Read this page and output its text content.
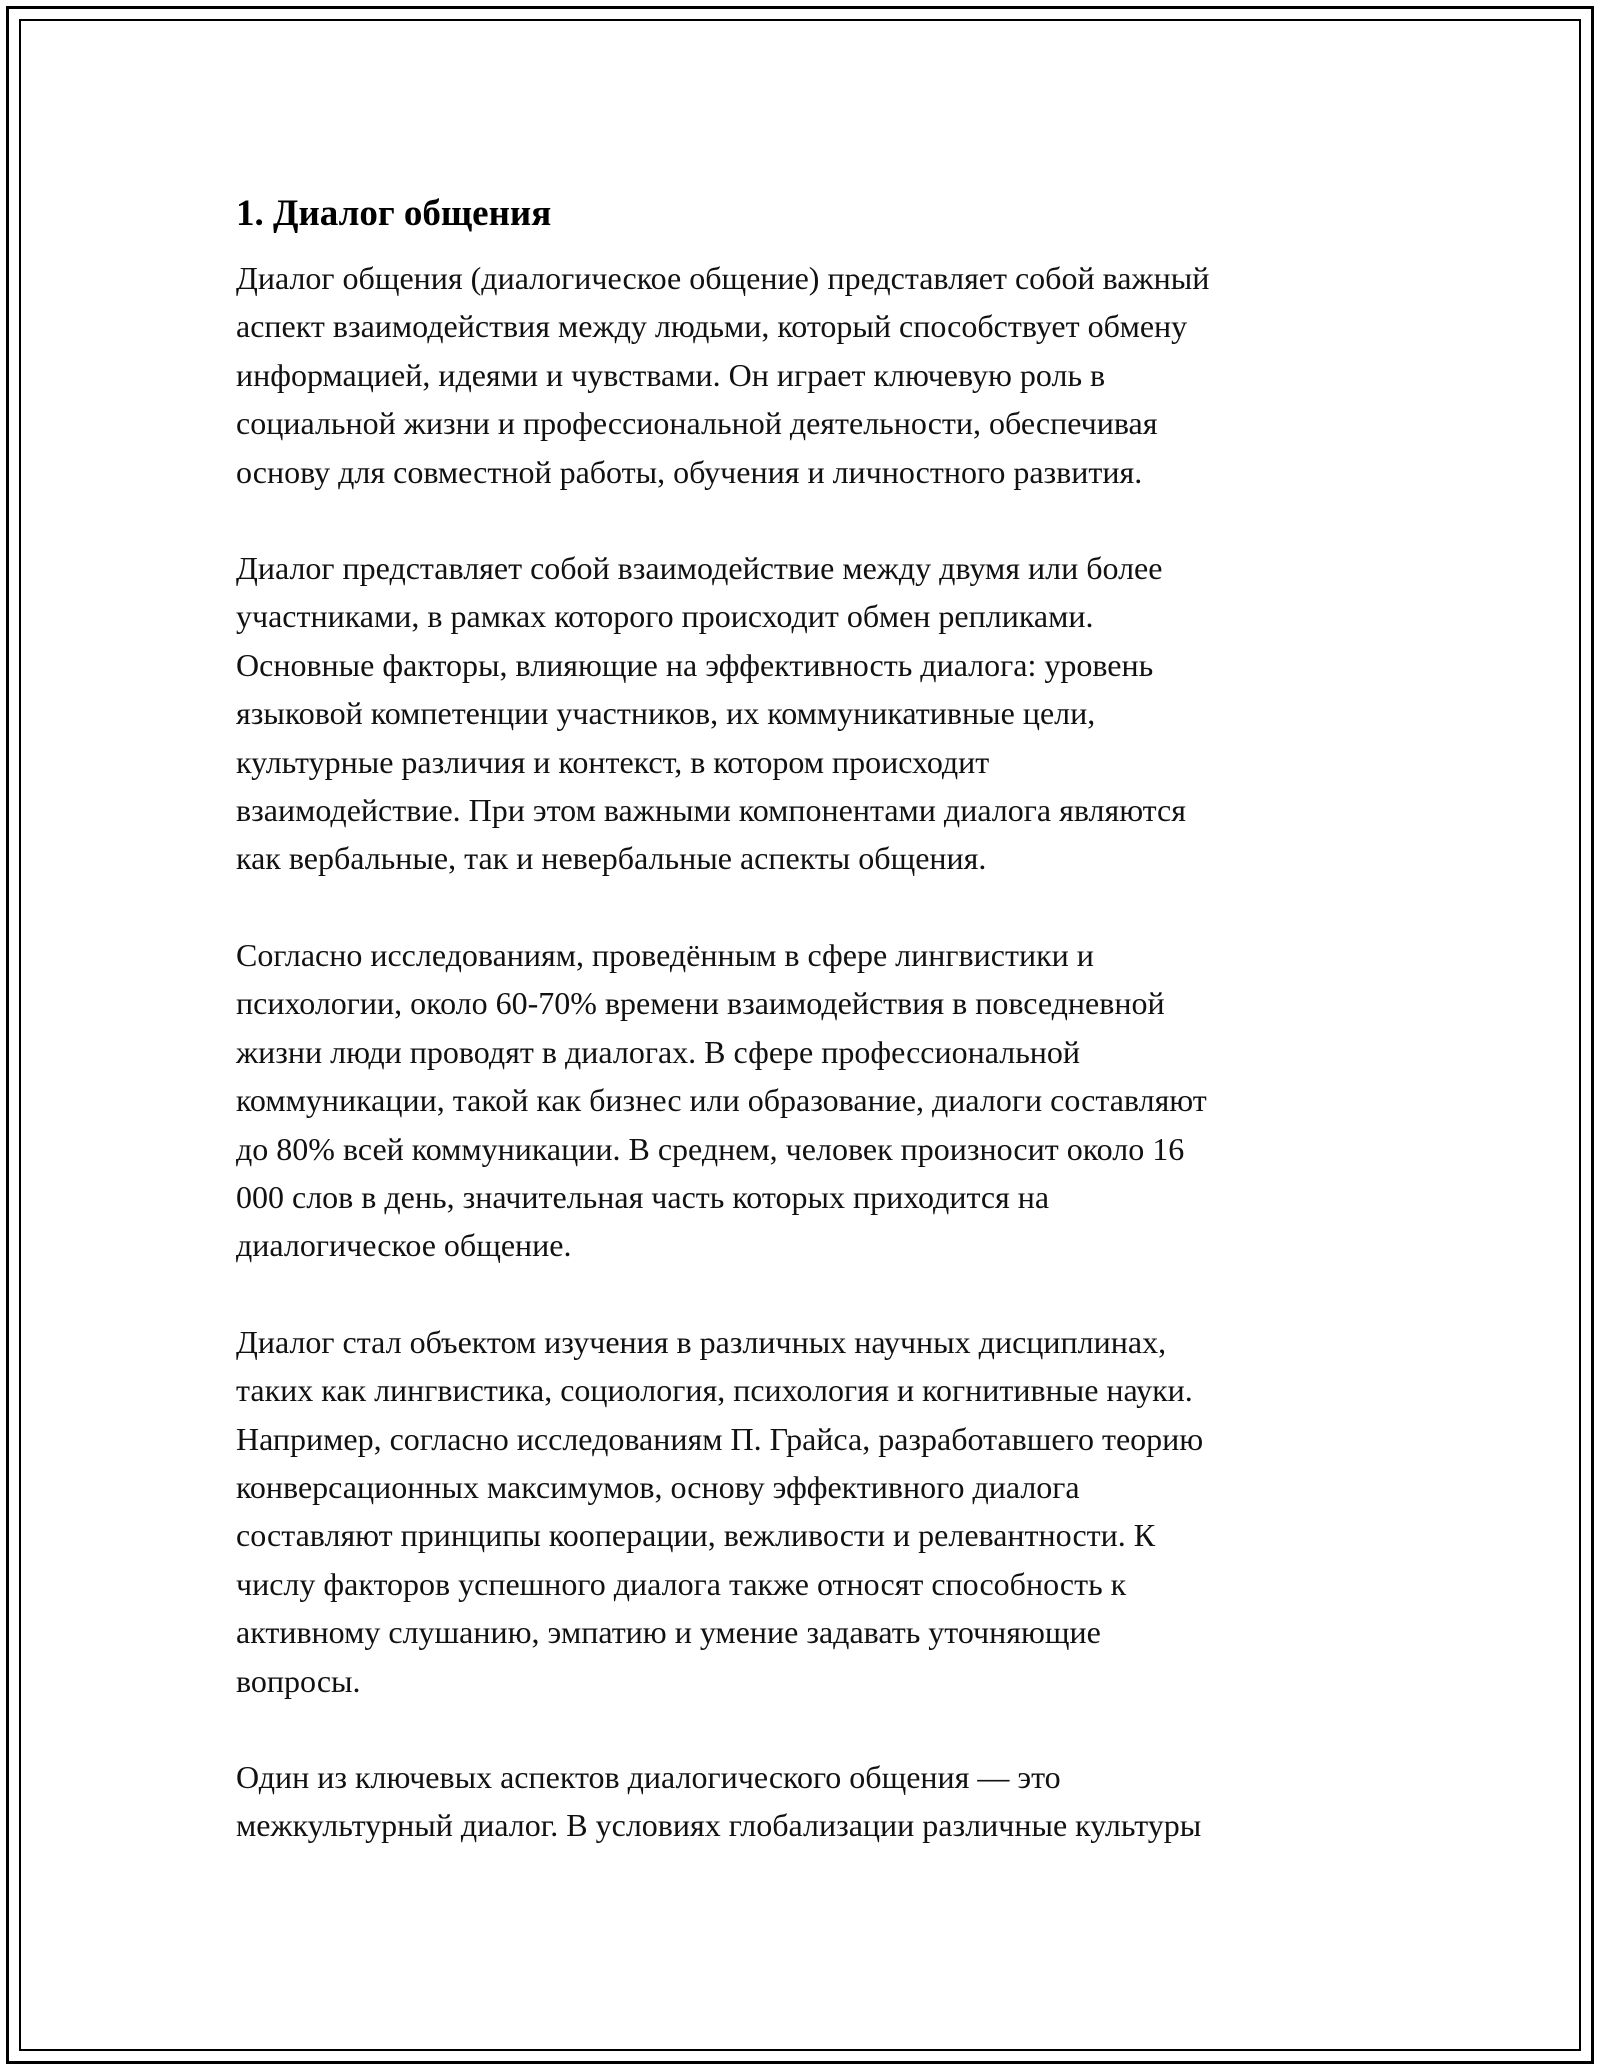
1. Диалог общения

Диалог общения (диалогическое общение) представляет собой важный
аспект взаимодействия между людьми, который способствует обмену
информацией, идеями и чувствами. Он играет ключевую роль в
социальной жизни и профессиональной деятельности, обеспечивая
основу для совместной работы, обучения и личностного развития.

Диалог представляет собой взаимодействие между двумя или более
участниками, в рамках которого происходит обмен репликами.
Основные факторы, влияющие на эффективность диалога: уровень
языковой компетенции участников, их коммуникативные цели,
культурные различия и контекст, в котором происходит
взаимодействие. При этом важными компонентами диалога являются
как вербальные, так и невербальные аспекты общения.

Согласно исследованиям, проведённым в сфере лингвистики и
психологии, около 60-70% времени взаимодействия в повседневной
жизни люди проводят в диалогах. В сфере профессиональной
коммуникации, такой как бизнес или образование, диалоги составляют
до 80% всей коммуникации. В среднем, человек произносит около 16
000 слов в день, значительная часть которых приходится на
диалогическое общение.

Диалог стал объектом изучения в различных научных дисциплинах,
таких как лингвистика, социология, психология и когнитивные науки.
Например, согласно исследованиям П. Грайса, разработавшего теорию
конверсационных максимумов, основу эффективного диалога
составляют принципы кооперации, вежливости и релевантности. К
числу факторов успешного диалога также относят способность к
активному слушанию, эмпатию и умение задавать уточняющие
вопросы.

Один из ключевых аспектов диалогического общения — это
межкультурный диалог. В условиях глобализации различные культуры
